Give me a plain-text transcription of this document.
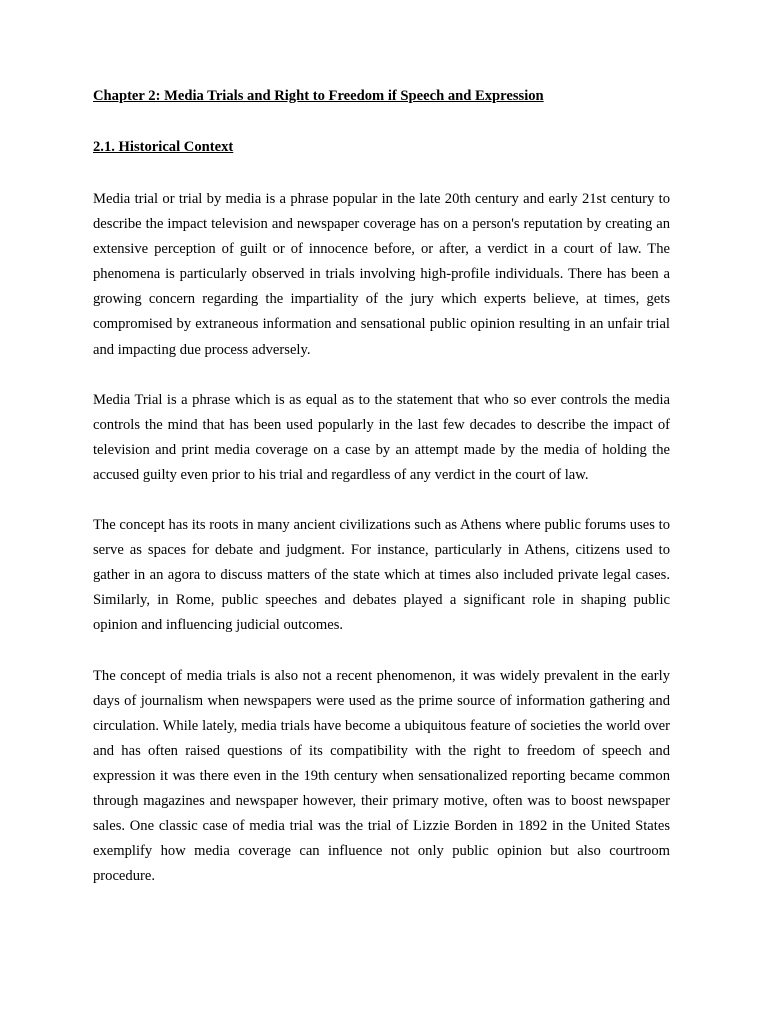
Chapter 2: Media Trials and Right to Freedom if Speech and Expression

2.1. Historical Context

Media trial or trial by media is a phrase popular in the late 20th century and early 21st century to describe the impact television and newspaper coverage has on a person's reputation by creating an extensive perception of guilt or of innocence before, or after, a verdict in a court of law. The phenomena is particularly observed in trials involving high-profile individuals. There has been a growing concern regarding the impartiality of the jury which experts believe, at times, gets compromised by extraneous information and sensational public opinion resulting in an unfair trial and impacting due process adversely.

Media Trial is a phrase which is as equal as to the statement that who so ever controls the media controls the mind that has been used popularly in the last few decades to describe the impact of television and print media coverage on a case by an attempt made by the media of holding the accused guilty even prior to his trial and regardless of any verdict in the court of law.

The concept has its roots in many ancient civilizations such as Athens where public forums uses to serve as spaces for debate and judgment. For instance, particularly in Athens, citizens used to gather in an agora to discuss matters of the state which at times also included private legal cases. Similarly, in Rome, public speeches and debates played a significant role in shaping public opinion and influencing judicial outcomes.

The concept of media trials is also not a recent phenomenon, it was widely prevalent in the early days of journalism when newspapers were used as the prime source of information gathering and circulation. While lately, media trials have become a ubiquitous feature of societies the world over and has often raised questions of its compatibility with the right to freedom of speech and expression it was there even in the 19th century when sensationalized reporting became common through magazines and newspaper however, their primary motive, often was to boost newspaper sales. One classic case of media trial was the trial of Lizzie Borden in 1892 in the United States exemplify how media coverage can influence not only public opinion but also courtroom procedure.
